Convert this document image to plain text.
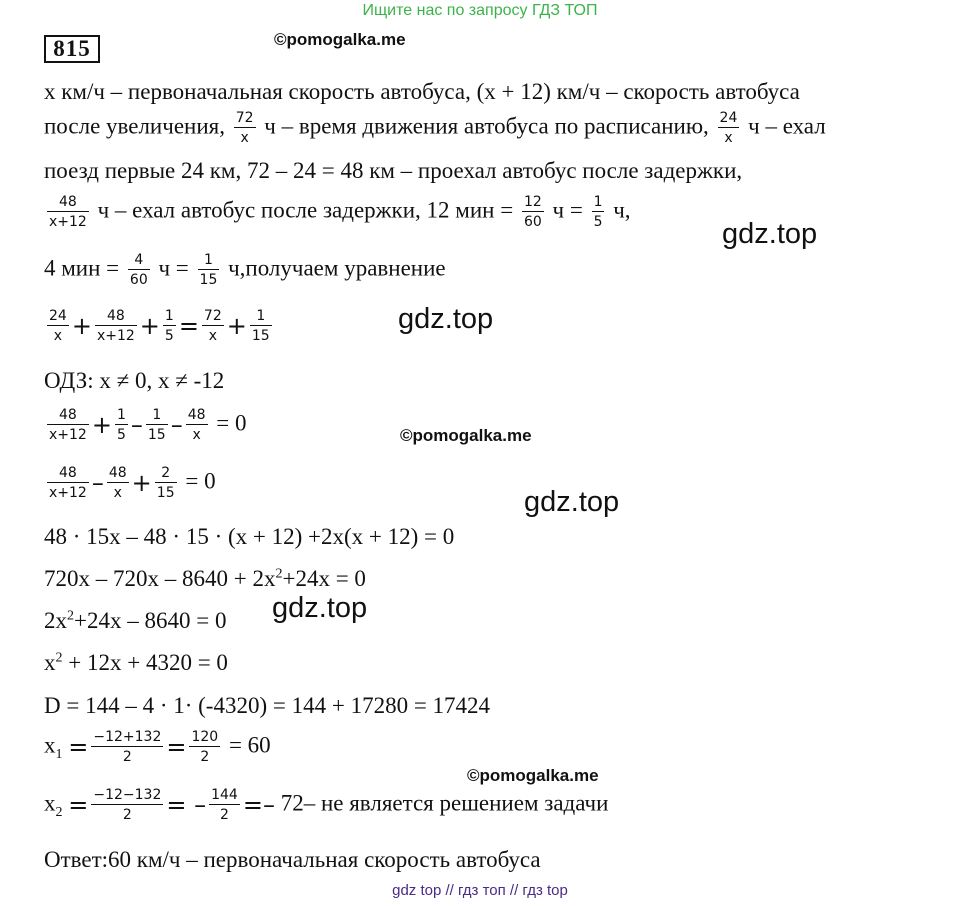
Ищите нас по запросу ГДЗ ТОП
815	©pomogalka.me
©pomogalka.me
©pomogalka.me
gdz.top
gdz.top
gdz.top
gdz.top
x км/ч – первоначальная скорость автобуса, (x + 12) км/ч – скорость автобуса
после увеличения, $\frac{72}{x}$ ч – время движения автобуса по расписанию, $\frac{24}{x}$ ч – ехал
поезд первые 24 км, 72 – 24 = 48 км – проехал автобус после задержки,
$\frac{48}{x+12}$ ч – ехал автобус после задержки, 12 мин = $\frac{12}{60}$ $ч = \frac{1}{5} ч$,
4 мин = $\frac{4}{60}$ $ч = \frac{1}{15}$ ч,получаем уравнение
$\frac{24}{x} + \frac{48}{x+12} + \frac{1}{5} = \frac{72}{x} + \frac{1}{15}$
ОДЗ: x ≠ 0, x ≠ -12
$\frac{48}{x+12} + \frac{1}{5} - \frac{1}{15} - \frac{48}{x} = 0$
$\frac{48}{x+12} - \frac{48}{x} + \frac{2}{15} = 0$
48 · 15x – 48 · 15 · (x + 12) +2x(x + 12) = 0
$720x - 720x - 8640 + 2x^2+24x = 0$
$2x^2+24x - 8640 = 0$
$x^2 + 12x + 4320 = 0$
D = 144 – 4 · 1· (-4320) = 144 + 17280 = 17424
$x_1 = \frac{-12+132}{2} = \frac{120}{2} = 60$
$x_2 = \frac{-12-132}{2}$ = – $\frac{144}{2} =- 72-$ не является решением задачи
Ответ:60 км/ч – первоначальная скорость автобуса
gdz top // гдз топ // гдз top
